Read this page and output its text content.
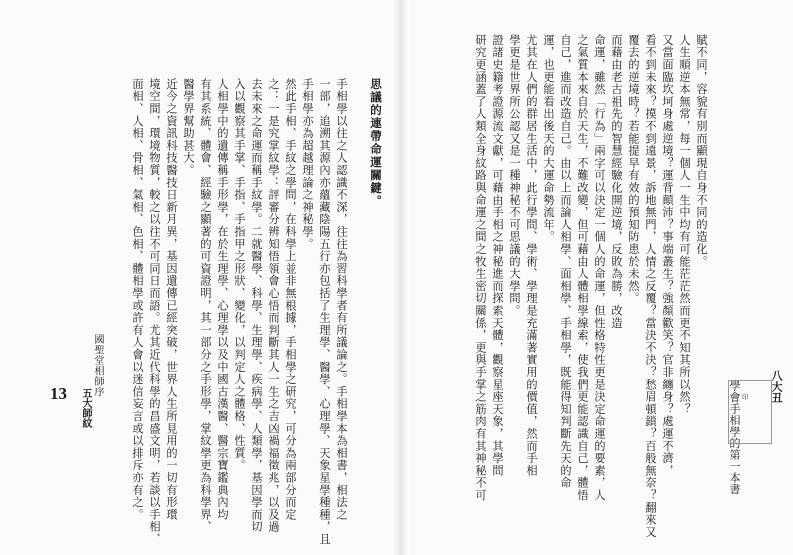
學會手相學的第一本書	八大丑
印
賦不同，容貌有別而顯現自身不同的造化。
人生順逆本無常，每一個人一生中均有可能茫茫然而更不知其所以然？
又當面臨坎坷身處逆境？運背顛沛？事端叢生？強顏歡笑？官非纏身？處運不濟，
看不到未來？摸不到遠景，訴地無門，人情之反覆？當決不決？愁眉頓鎖？百般無奈？翻來又
覆去的逆境時？若能提早有效的預知防患於未然。
而藉由老古祖先的智慧經驗化開逆境，反敗為勝，改造
命運，雖然「行為」兩字可以決定一個人的命運，但性格特性更是決定命運的要素，人
之氣質本來自於天生，不難改變，但可藉由人體相學線索，使我們更能認識自己，體悟
自己，進而改造自己。由以上而論人相學、面相學、手相學，既能得知判斷先天的命
運，也更能看出後天的大運命勢流年。
尤其在人們的群居生活中，此行學問、學術、學理是充滿著實用的價值，然而手相
學更是世界所公認又是一種神秘不可思議的大學問。
證諸史籍考證源流文獻，可藉由手相之神秘進而探索天體，觀察星座天象，其學問
研究更涵蓋了人類全身紋路與命運之間之牧生密切關係，更與手掌之筋肉有其神秘不可
思議的連帶命運關鍵。
手相學以往之人認識不深，往往為習科學者有所議論之。手相學本為相書，相法之
一部，追溯其源內亦蘊藏陰陽五行亦包括了生理學、醫學、心理學、天象星學種種，且
手相學亦為超越理論之神秘學。
然此手相、手紋之學問，在科學上並非無根據，手相學之研究，可分為兩部分而定
之：一是究掌紋學：評審分辨知悟領會心悟而判斷其人一生之吉凶禍福徵兆，以及過
去未來之命運而稱手紋學。二就醫學、科學、生理學、疾病學、人類學，基因學而切
入以觀察其手掌、手指、手指甲之形狀、變化，以判定人之體格、性質。
人相學中的遺傳稱手形學，在於生理學、心理學以及中國古漢醫、醫宗寶鑑典內均
有其系統、體會、經驗之顯著的可資證明，其一部分之手形學，掌紋學更為科學界、
醫學界幫助甚大。
近今之資訊科技醫技日新月異，基因遺傳已經突破，世界人生所見用的一切有形環
境空間，環境物質，較之以往不可同日而語。尤其近代科學的昌盛文明，若談以手相、
面相、人相、骨相、氣相、色相、體相學或許有人會以迷信妄言或以排斥亦有之。
國聖堂相師序
13 五大師紋
